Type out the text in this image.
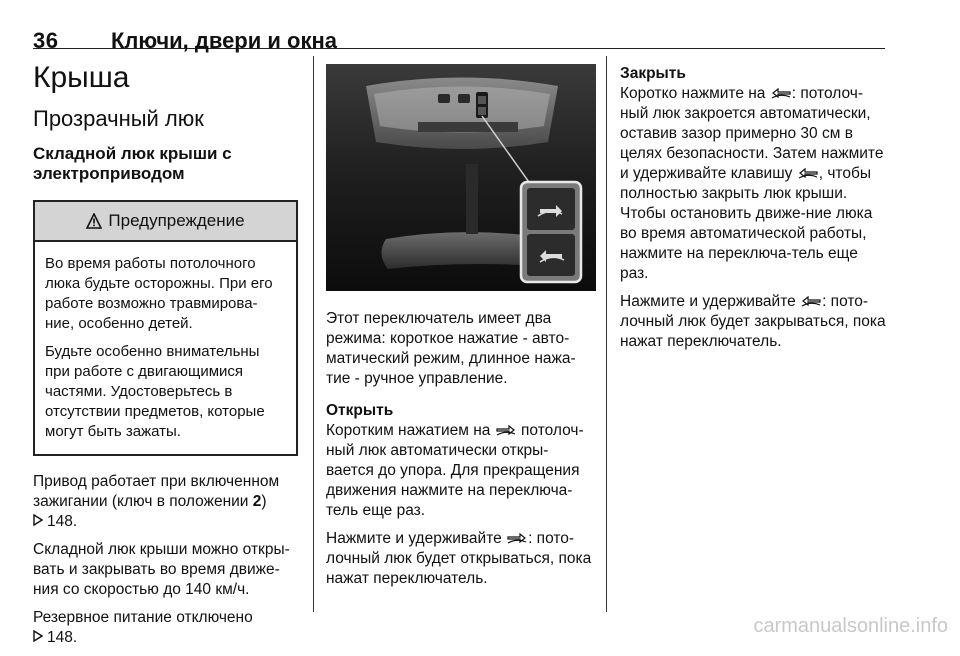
36 Ключи, двери и окна
Крыша
Прозрачный люк
Складной люк крыши с электроприводом
Предупреждение
Во время работы потолочного люка будьте осторожны. При его работе возможно травмирова-ние, особенно детей.
Будьте особенно внимательны при работе с двигающимися частями. Удостоверьтесь в отсутствии предметов, которые могут быть зажаты.
Привод работает при включенном зажигании (ключ в положении 2)
148.
Складной люк крыши можно откры-вать и закрывать во время движе-ния со скоростью до 140 км/ч.
Резервное питание отключено
148.
Этот переключатель имеет два режима: короткое нажатие - авто-матический режим, длинное нажа-тие - ручное управление.
Открыть
Коротким нажатием на потолоч-ный люк автоматически откры-вается до упора. Для прекращения движения нажмите на переключа-тель еще раз.
Нажмите и удерживайте : пото-лочный люк будет открываться, пока нажат переключатель.
Закрыть
Коротко нажмите на : потолоч-ный люк закроется автоматически, оставив зазор примерно 30 см в целях безопасности. Затем нажмите и удерживайте клавишу , чтобы полностью закрыть люк крыши. Чтобы остановить движе-ние люка во время автоматической работы, нажмите на переключа-тель еще раз.
Нажмите и удерживайте : пото-лочный люк будет закрываться, пока нажат переключатель.
carmanualsonline.info
